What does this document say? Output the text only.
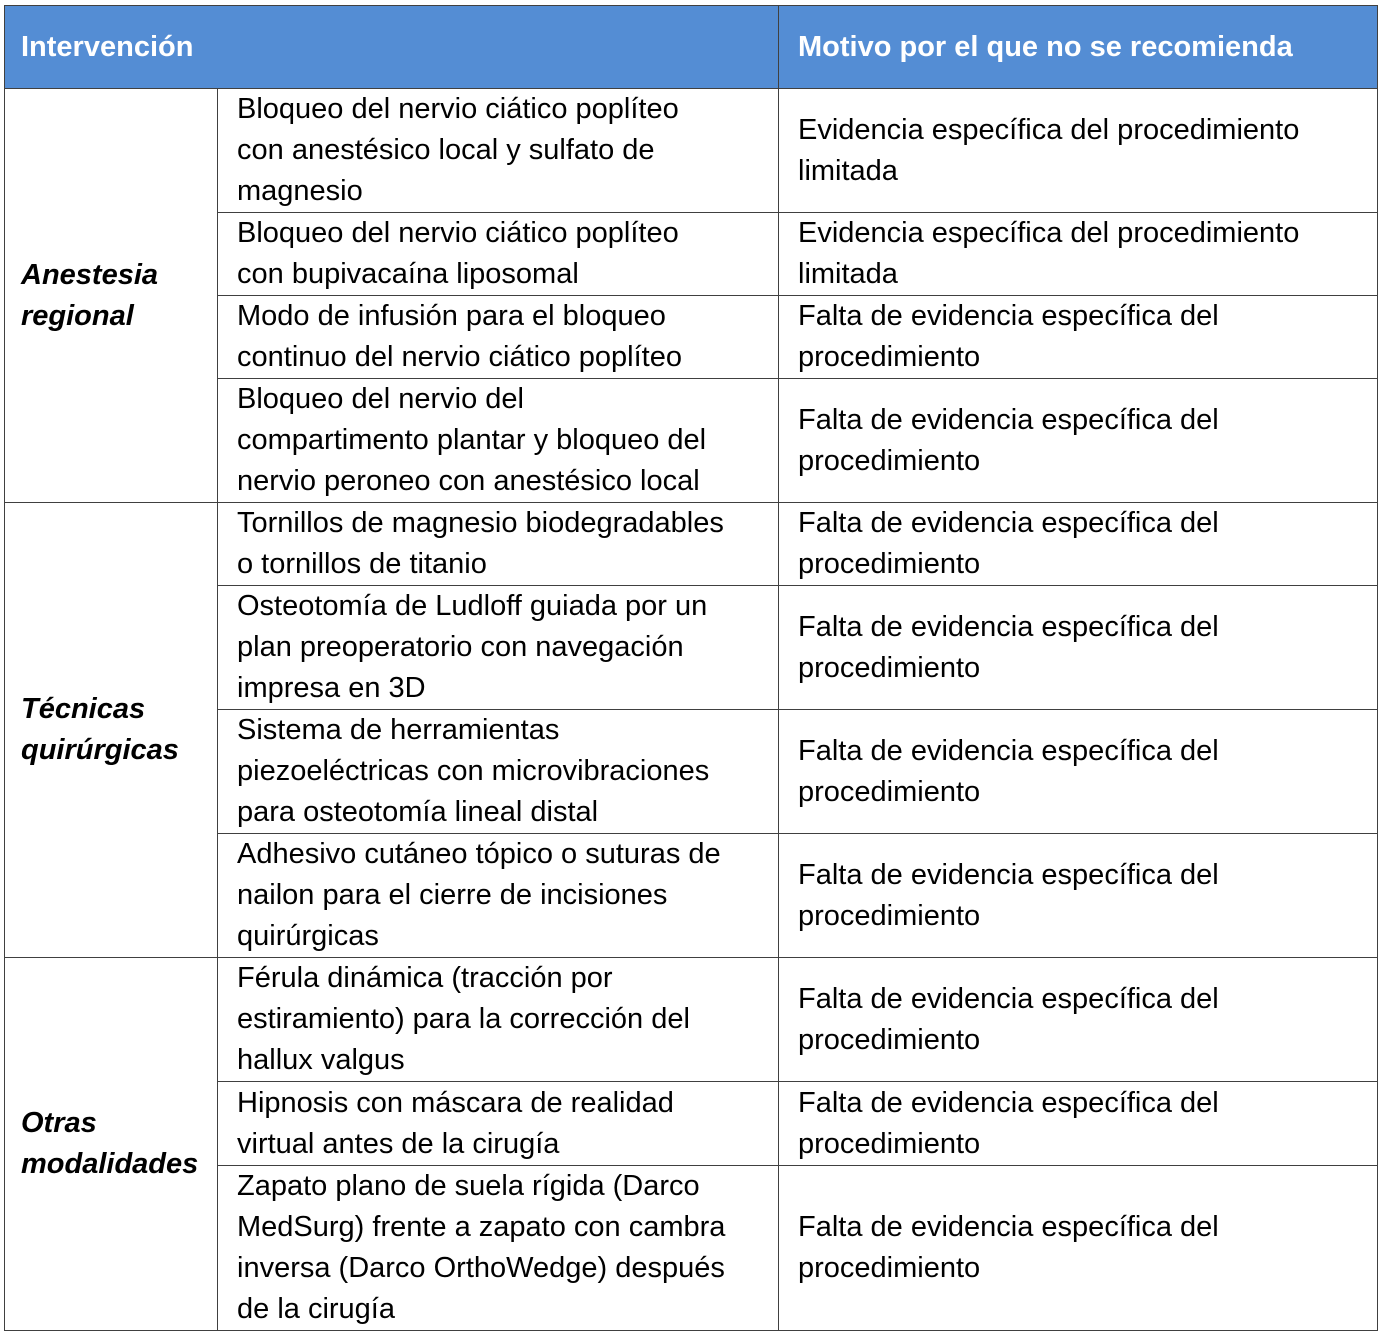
Intervención		Motivo por el que no se recomienda
Anestesia regional	Bloqueo del nervio ciático poplíteo
con anestésico local y sulfato de
magnesio	Evidencia específica del procedimiento
limitada
	Bloqueo del nervio ciático poplíteo
con bupivacaína liposomal	Evidencia específica del procedimiento
limitada
	Modo de infusión para el bloqueo
continuo del nervio ciático poplíteo	Falta de evidencia específica del
procedimiento
	Bloqueo del nervio del
compartimento plantar y bloqueo del
nervio peroneo con anestésico local	Falta de evidencia específica del
procedimiento
Técnicas quirúrgicas	Tornillos de magnesio biodegradables
o tornillos de titanio	Falta de evidencia específica del
procedimiento
	Osteotomía de Ludloff guiada por un
plan preoperatorio con navegación
impresa en 3D	Falta de evidencia específica del
procedimiento
	Sistema de herramientas
piezoeléctricas con microvibraciones
para osteotomía lineal distal	Falta de evidencia específica del
procedimiento
	Adhesivo cutáneo tópico o suturas de
nailon para el cierre de incisiones
quirúrgicas	Falta de evidencia específica del
procedimiento
Otras modalidades	Férula dinámica (tracción por
estiramiento) para la corrección del
hallux valgus	Falta de evidencia específica del
procedimiento
	Hipnosis con máscara de realidad
virtual antes de la cirugía	Falta de evidencia específica del
procedimiento
	Zapato plano de suela rígida (Darco
MedSurg) frente a zapato con cambra
inversa (Darco OrthoWedge) después
de la cirugía	Falta de evidencia específica del
procedimiento
